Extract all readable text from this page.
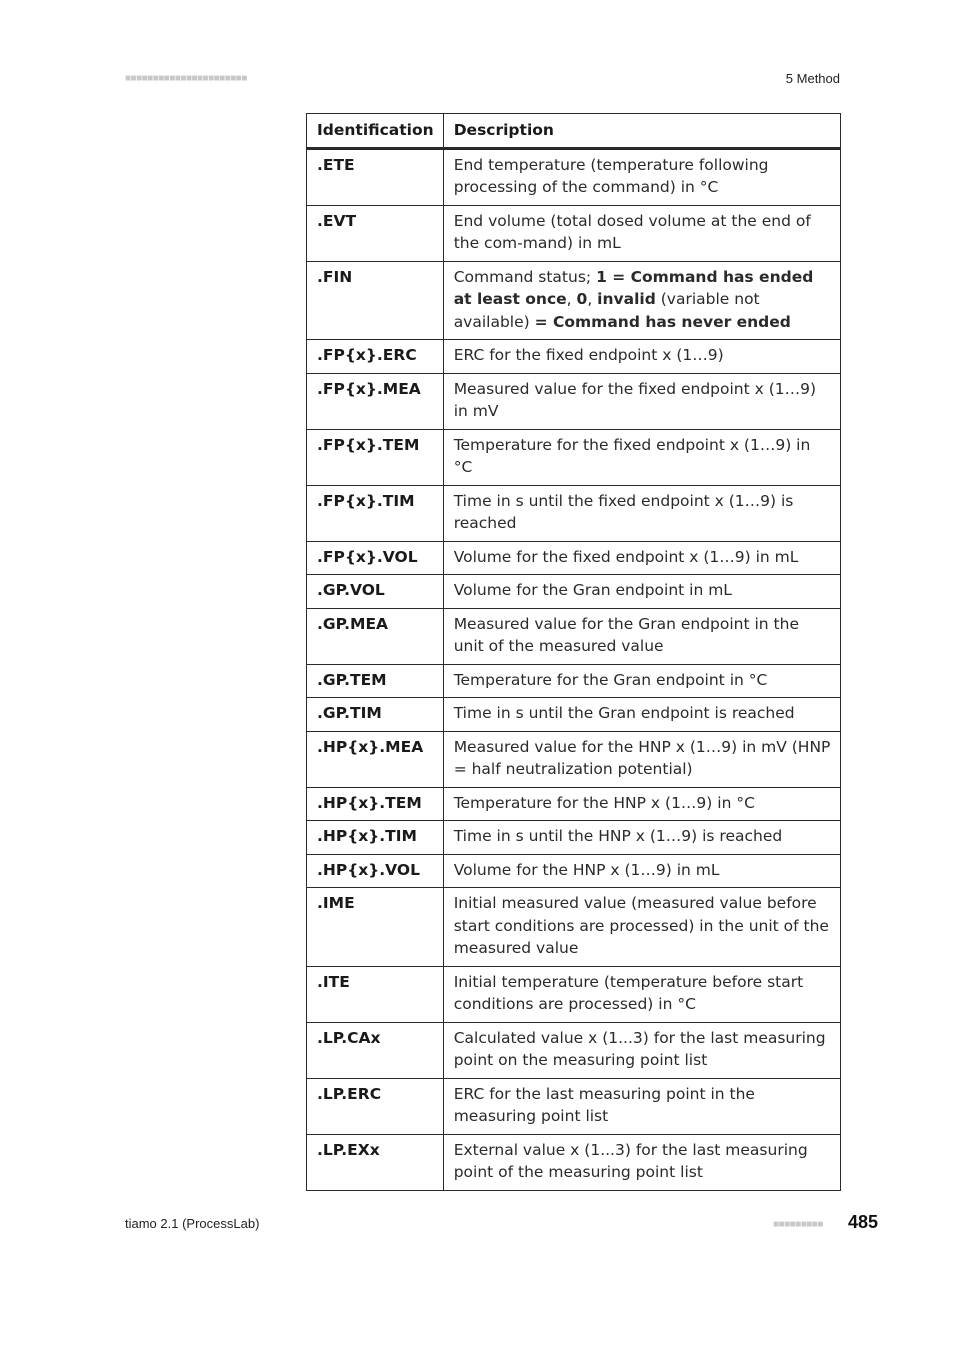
■■■■■■■■■■■■■■■■■■■■■■	5 Method
Identification	Description
.ETE	End temperature (temperature following processing of the command) in °C
.EVT	End volume (total dosed volume at the end of the com-mand) in mL
.FIN	Command status; 1 = Command has ended at least once, 0, invalid (variable not available) = Command has never ended
.FP{x}.ERC	ERC for the fixed endpoint x (1…9)
.FP{x}.MEA	Measured value for the fixed endpoint x (1…9) in mV
.FP{x}.TEM	Temperature for the fixed endpoint x (1…9) in °C
.FP{x}.TIM	Time in s until the fixed endpoint x (1…9) is reached
.FP{x}.VOL	Volume for the fixed endpoint x (1…9) in mL
.GP.VOL	Volume for the Gran endpoint in mL
.GP.MEA	Measured value for the Gran endpoint in the unit of the measured value
.GP.TEM	Temperature for the Gran endpoint in °C
.GP.TIM	Time in s until the Gran endpoint is reached
.HP{x}.MEA	Measured value for the HNP x (1…9) in mV (HNP = half neutralization potential)
.HP{x}.TEM	Temperature for the HNP x (1…9) in °C
.HP{x}.TIM	Time in s until the HNP x (1…9) is reached
.HP{x}.VOL	Volume for the HNP x (1…9) in mL
.IME	Initial measured value (measured value before start conditions are processed) in the unit of the measured value
.ITE	Initial temperature (temperature before start conditions are processed) in °C
.LP.CAx	Calculated value x (1...3) for the last measuring point on the measuring point list
.LP.ERC	ERC for the last measuring point in the measuring point list
.LP.EXx	External value x (1...3) for the last measuring point of the measuring point list
tiamo 2.1 (ProcessLab)	■■■■■■■■■ 485
